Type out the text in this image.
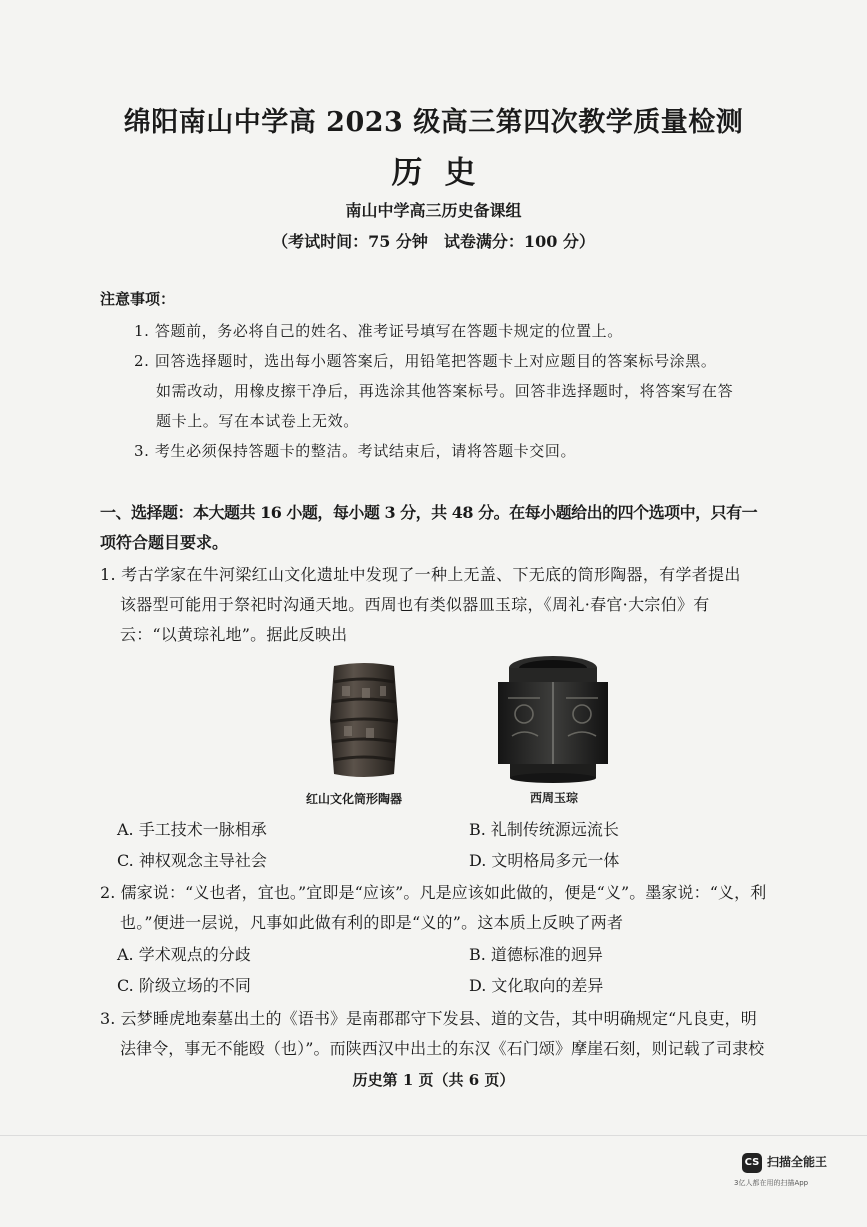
绵阳南山中学高 2023 级高三第四次教学质量检测
历史
南山中学高三历史备课组
（考试时间：75 分钟　试卷满分：100 分）
注意事项：
1. 答题前，务必将自己的姓名、准考证号填写在答题卡规定的位置上。
2. 回答选择题时，选出每小题答案后，用铅笔把答题卡上对应题目的答案标号涂黑。
如需改动，用橡皮擦干净后，再选涂其他答案标号。回答非选择题时，将答案写在答
题卡上。写在本试卷上无效。
3. 考生必须保持答题卡的整洁。考试结束后，请将答题卡交回。
一、选择题：本大题共 16 小题，每小题 3 分，共 48 分。在每小题给出的四个选项中，只有一
项符合题目要求。
1. 考古学家在牛河梁红山文化遗址中发现了一种上无盖、下无底的筒形陶器，有学者提出
该器型可能用于祭祀时沟通天地。西周也有类似器皿玉琮，《周礼·春官·大宗伯》有
云：“以黄琮礼地”。据此反映出
红山文化筒形陶器	西周玉琮
A. 手工技术一脉相承	B. 礼制传统源远流长
C. 神权观念主导社会	D. 文明格局多元一体
2. 儒家说：“义也者，宜也。”宜即是“应该”。凡是应该如此做的，便是“义”。墨家说：“义，利
也。”便进一层说，凡事如此做有利的即是“义的”。这本质上反映了两者
A. 学术观点的分歧	B. 道德标准的迥异
C. 阶级立场的不同	D. 文化取向的差异
3. 云梦睡虎地秦墓出土的《语书》是南郡郡守下发县、道的文告，其中明确规定“凡良吏，明
法律令，事无不能殴（也）”。而陕西汉中出土的东汉《石门颂》摩崖石刻，则记载了司隶校
历史第 1 页（共 6 页）
CS 扫描全能王
3亿人都在用的扫描App
